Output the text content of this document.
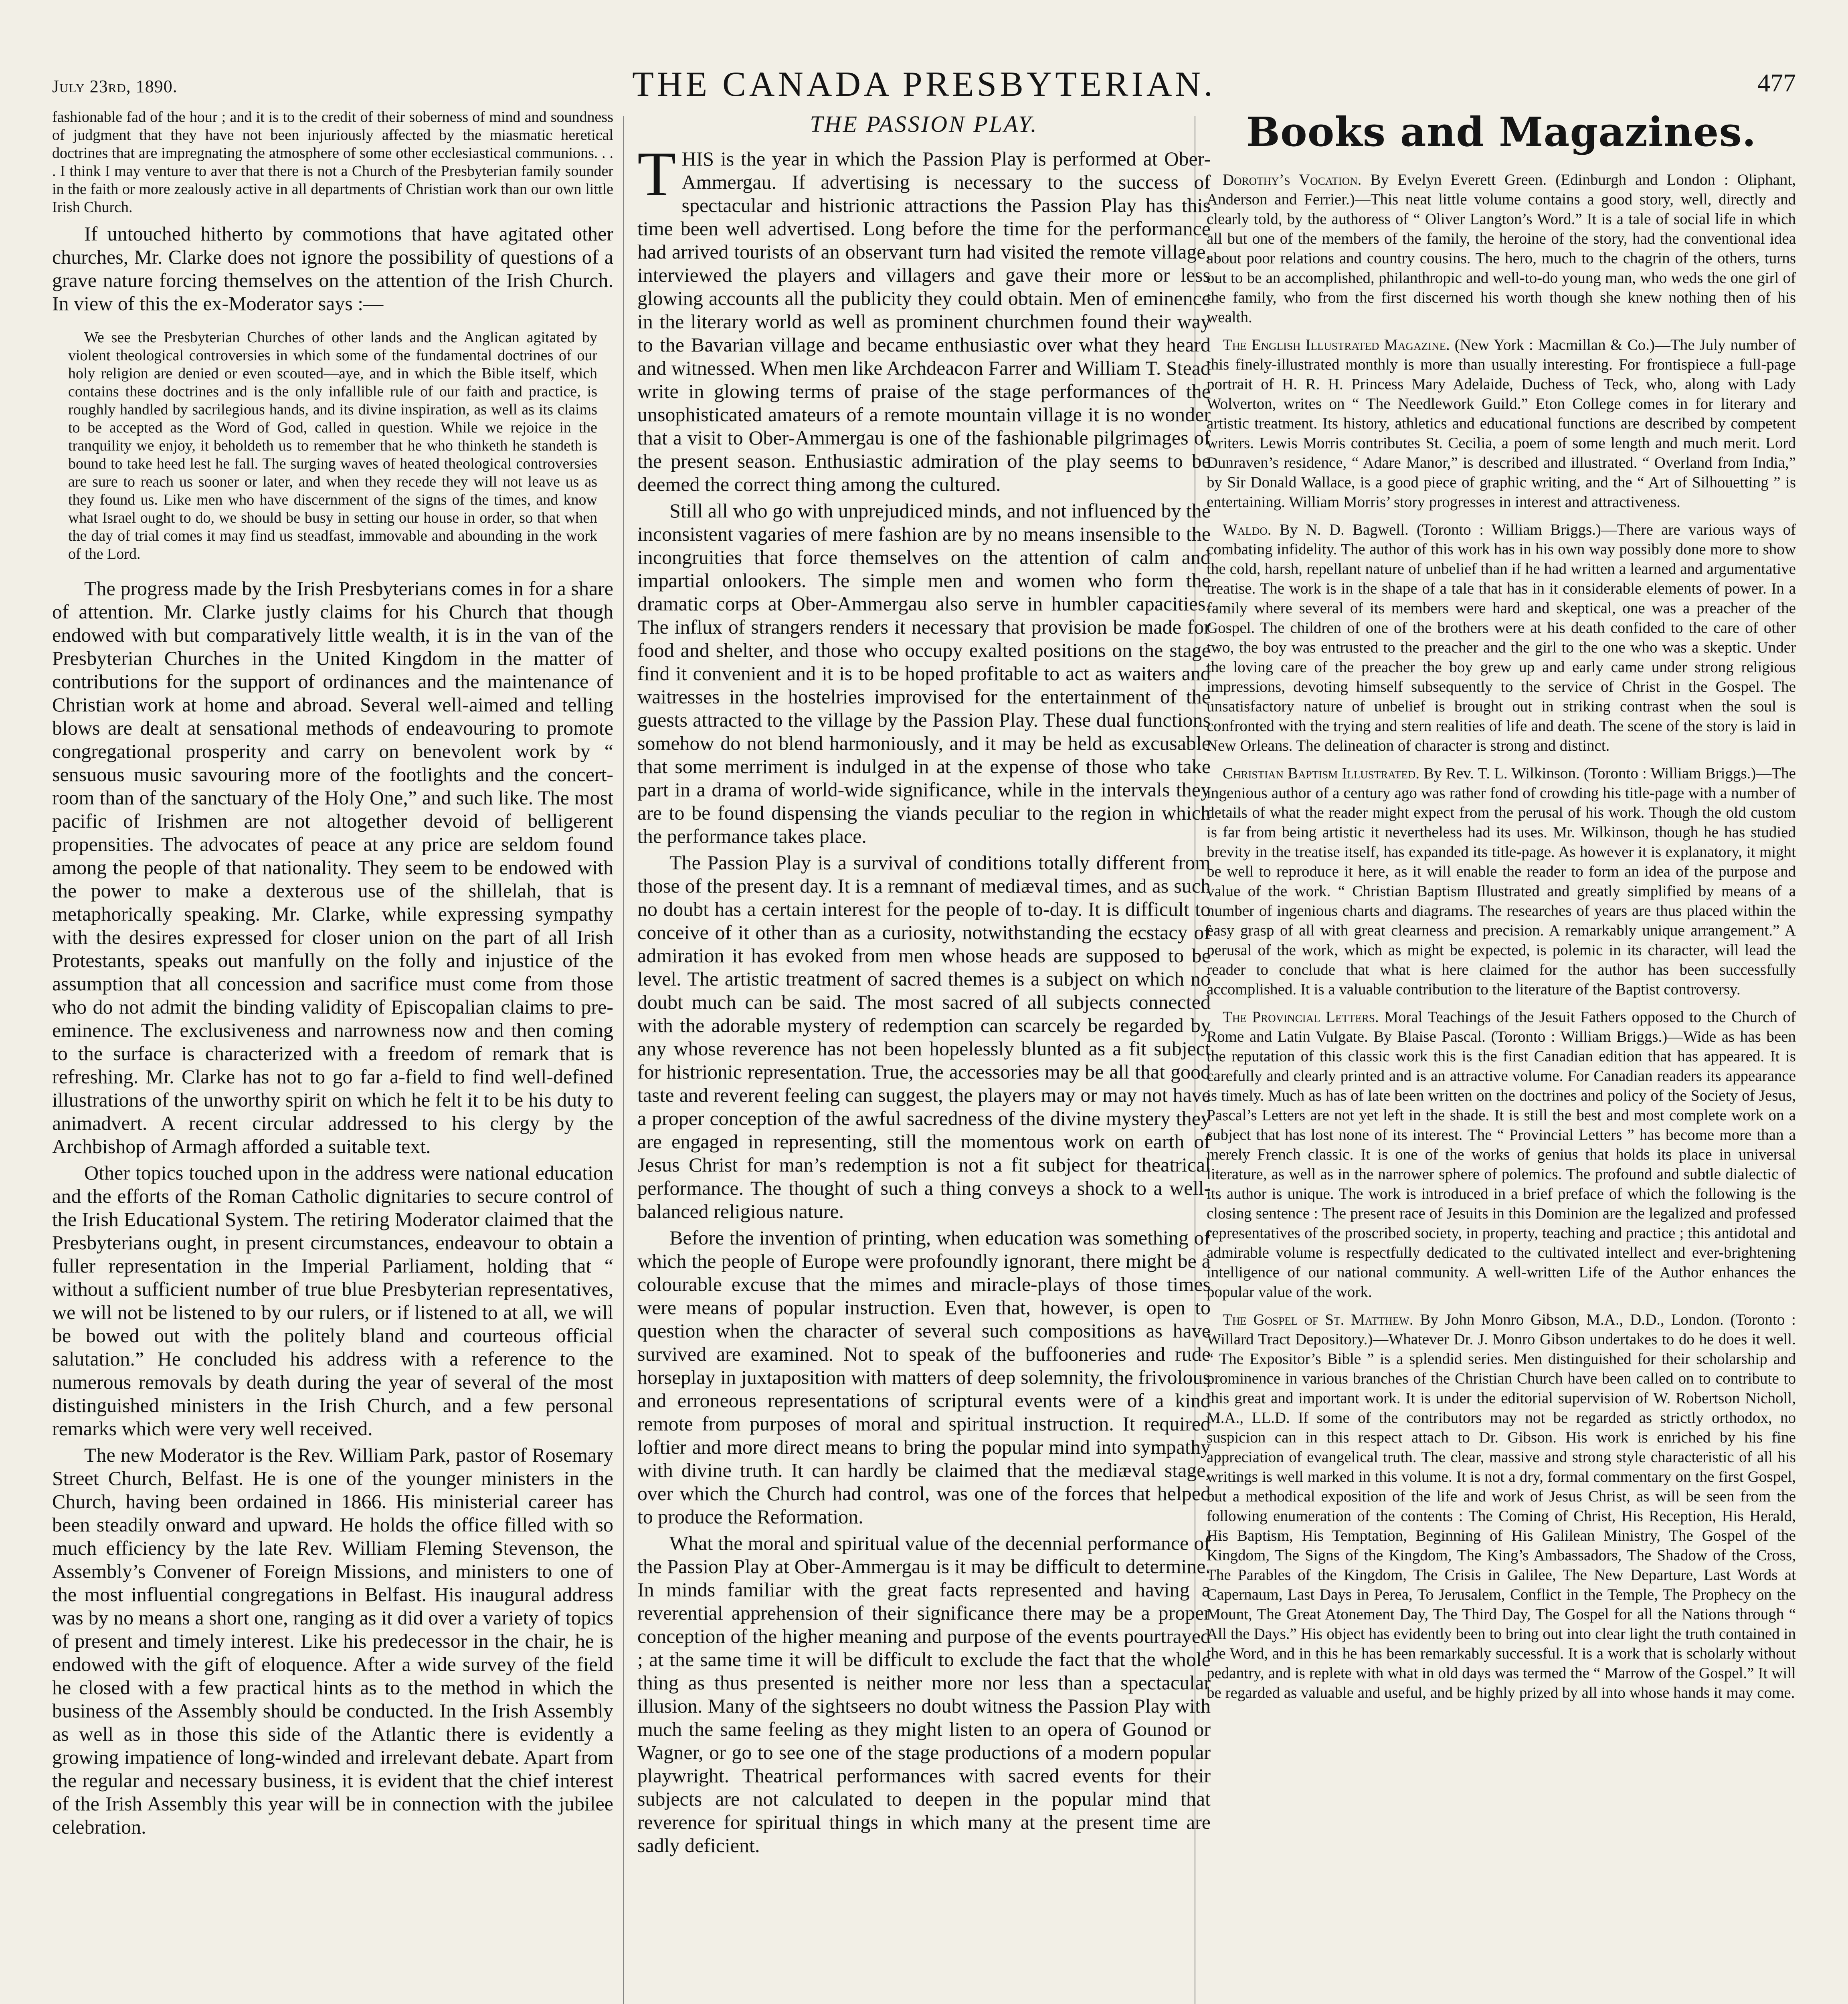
July 23rd, 1890.	THE CANADA PRESBYTERIAN.	477

fashionable fad of the hour ; and it is to the credit of their soberness of mind and soundness of judgment that they have not been injuriously affected by the miasmatic heretical doctrines that are impregnating the atmosphere of some other ecclesiastical communions. . . . I think I may venture to aver that there is not a Church of the Presbyterian family sounder in the faith or more zealously active in all departments of Christian work than our own little Irish Church.

If untouched hitherto by commotions that have agitated other churches, Mr. Clarke does not ignore the possibility of questions of a grave nature forcing themselves on the attention of the Irish Church. In view of this the ex-Moderator says :—

We see the Presbyterian Churches of other lands and the Anglican agitated by violent theological controversies in which some of the fundamental doctrines of our holy religion are denied or even scouted—aye, and in which the Bible itself, which contains these doctrines and is the only infallible rule of our faith and practice, is roughly handled by sacrilegious hands, and its divine inspiration, as well as its claims to be accepted as the Word of God, called in question. While we rejoice in the tranquility we enjoy, it beholdeth us to remember that he who thinketh he standeth is bound to take heed lest he fall. The surging waves of heated theological controversies are sure to reach us sooner or later, and when they recede they will not leave us as they found us. Like men who have discernment of the signs of the times, and know what Israel ought to do, we should be busy in setting our house in order, so that when the day of trial comes it may find us steadfast, immovable and abounding in the work of the Lord.

The progress made by the Irish Presbyterians comes in for a share of attention. Mr. Clarke justly claims for his Church that though endowed with but comparatively little wealth, it is in the van of the Presbyterian Churches in the United Kingdom in the matter of contributions for the support of ordinances and the maintenance of Christian work at home and abroad. Several well-aimed and telling blows are dealt at sensational methods of endeavouring to promote congregational prosperity and carry on benevolent work by “ sensuous music savouring more of the footlights and the concert-room than of the sanctuary of the Holy One,” and such like. The most pacific of Irishmen are not altogether devoid of belligerent propensities. The advocates of peace at any price are seldom found among the people of that nationality. They seem to be endowed with the power to make a dexterous use of the shillelah, that is metaphorically speaking. Mr. Clarke, while expressing sympathy with the desires expressed for closer union on the part of all Irish Protestants, speaks out manfully on the folly and injustice of the assumption that all concession and sacrifice must come from those who do not admit the binding validity of Episcopalian claims to pre-eminence. The exclusiveness and narrowness now and then coming to the surface is characterized with a freedom of remark that is refreshing. Mr. Clarke has not to go far a-field to find well-defined illustrations of the unworthy spirit on which he felt it to be his duty to animadvert. A recent circular addressed to his clergy by the Archbishop of Armagh afforded a suitable text.

Other topics touched upon in the address were national education and the efforts of the Roman Catholic dignitaries to secure control of the Irish Educational System. The retiring Moderator claimed that the Presbyterians ought, in present circumstances, endeavour to obtain a fuller representation in the Imperial Parliament, holding that “ without a sufficient number of true blue Presbyterian representatives, we will not be listened to by our rulers, or if listened to at all, we will be bowed out with the politely bland and courteous official salutation.” He concluded his address with a reference to the numerous removals by death during the year of several of the most distinguished ministers in the Irish Church, and a few personal remarks which were very well received.

The new Moderator is the Rev. William Park, pastor of Rosemary Street Church, Belfast. He is one of the younger ministers in the Church, having been ordained in 1866. His ministerial career has been steadily onward and upward. He holds the office filled with so much efficiency by the late Rev. William Fleming Stevenson, the Assembly’s Convener of Foreign Missions, and ministers to one of the most influential congregations in Belfast. His inaugural address was by no means a short one, ranging as it did over a variety of topics of present and timely interest. Like his predecessor in the chair, he is endowed with the gift of eloquence. After a wide survey of the field he closed with a few practical hints as to the method in which the business of the Assembly should be conducted. In the Irish Assembly as well as in those this side of the Atlantic there is evidently a growing impatience of long-winded and irrelevant debate. Apart from the regular and necessary business, it is evident that the chief interest of the Irish Assembly this year will be in connection with the jubilee celebration.

THE PASSION PLAY.

THIS is the year in which the Passion Play is performed at Ober-Ammergau. If advertising is necessary to the success of spectacular and histrionic attractions the Passion Play has this time been well advertised. Long before the time for the performance had arrived tourists of an observant turn had visited the remote village, interviewed the players and villagers and gave their more or less glowing accounts all the publicity they could obtain. Men of eminence in the literary world as well as prominent churchmen found their way to the Bavarian village and became enthusiastic over what they heard and witnessed. When men like Archdeacon Farrer and William T. Stead write in glowing terms of praise of the stage performances of the unsophisticated amateurs of a remote mountain village it is no wonder that a visit to Ober-Ammergau is one of the fashionable pilgrimages of the present season. Enthusiastic admiration of the play seems to be deemed the correct thing among the cultured.

Still all who go with unprejudiced minds, and not influenced by the inconsistent vagaries of mere fashion are by no means insensible to the incongruities that force themselves on the attention of calm and impartial onlookers. The simple men and women who form the dramatic corps at Ober-Ammergau also serve in humbler capacities. The influx of strangers renders it necessary that provision be made for food and shelter, and those who occupy exalted positions on the stage find it convenient and it is to be hoped profitable to act as waiters and waitresses in the hostelries improvised for the entertainment of the guests attracted to the village by the Passion Play. These dual functions somehow do not blend harmoniously, and it may be held as excusable that some merriment is indulged in at the expense of those who take part in a drama of world-wide significance, while in the intervals they are to be found dispensing the viands peculiar to the region in which the performance takes place.

The Passion Play is a survival of conditions totally different from those of the present day. It is a remnant of mediæval times, and as such no doubt has a certain interest for the people of to-day. It is difficult to conceive of it other than as a curiosity, notwithstanding the ecstacy of admiration it has evoked from men whose heads are supposed to be level. The artistic treatment of sacred themes is a subject on which no doubt much can be said. The most sacred of all subjects connected with the adorable mystery of redemption can scarcely be regarded by any whose reverence has not been hopelessly blunted as a fit subject for histrionic representation. True, the accessories may be all that good taste and reverent feeling can suggest, the players may or may not have a proper conception of the awful sacredness of the divine mystery they are engaged in representing, still the momentous work on earth of Jesus Christ for man’s redemption is not a fit subject for theatrical performance. The thought of such a thing conveys a shock to a well-balanced religious nature.

Before the invention of printing, when education was something of which the people of Europe were profoundly ignorant, there might be a colourable excuse that the mimes and miracle-plays of those times were means of popular instruction. Even that, however, is open to question when the character of several such compositions as have survived are examined. Not to speak of the buffooneries and rude horseplay in juxtaposition with matters of deep solemnity, the frivolous and erroneous representations of scriptural events were of a kind remote from purposes of moral and spiritual instruction. It required loftier and more direct means to bring the popular mind into sympathy with divine truth. It can hardly be claimed that the mediæval stage, over which the Church had control, was one of the forces that helped to produce the Reformation.

What the moral and spiritual value of the decennial performance of the Passion Play at Ober-Ammergau is it may be difficult to determine. In minds familiar with the great facts represented and having a reverential apprehension of their significance there may be a proper conception of the higher meaning and purpose of the events pourtrayed ; at the same time it will be difficult to exclude the fact that the whole thing as thus presented is neither more nor less than a spectacular illusion. Many of the sightseers no doubt witness the Passion Play with much the same feeling as they might listen to an opera of Gounod or Wagner, or go to see one of the stage productions of a modern popular playwright. Theatrical performances with sacred events for their subjects are not calculated to deepen in the popular mind that reverence for spiritual things in which many at the present time are sadly deficient.

Books and Magazines.

Dorothy’s Vocation. By Evelyn Everett Green. (Edinburgh and London : Oliphant, Anderson and Ferrier.)—This neat little volume contains a good story, well, directly and clearly told, by the authoress of “ Oliver Langton’s Word.” It is a tale of social life in which all but one of the members of the family, the heroine of the story, had the conventional idea about poor relations and country cousins. The hero, much to the chagrin of the others, turns out to be an accomplished, philanthropic and well-to-do young man, who weds the one girl of the family, who from the first discerned his worth though she knew nothing then of his wealth.

The English Illustrated Magazine. (New York : Macmillan & Co.)—The July number of this finely-illustrated monthly is more than usually interesting. For frontispiece a full-page portrait of H. R. H. Princess Mary Adelaide, Duchess of Teck, who, along with Lady Wolverton, writes on “ The Needlework Guild.” Eton College comes in for literary and artistic treatment. Its history, athletics and educational functions are described by competent writers. Lewis Morris contributes St. Cecilia, a poem of some length and much merit. Lord Dunraven’s residence, “ Adare Manor,” is described and illustrated. “ Overland from India,” by Sir Donald Wallace, is a good piece of graphic writing, and the “ Art of Silhouetting ” is entertaining. William Morris’ story progresses in interest and attractiveness.

Waldo. By N. D. Bagwell. (Toronto : William Briggs.)—There are various ways of combating infidelity. The author of this work has in his own way possibly done more to show the cold, harsh, repellant nature of unbelief than if he had written a learned and argumentative treatise. The work is in the shape of a tale that has in it considerable elements of power. In a family where several of its members were hard and skeptical, one was a preacher of the Gospel. The children of one of the brothers were at his death confided to the care of other two, the boy was entrusted to the preacher and the girl to the one who was a skeptic. Under the loving care of the preacher the boy grew up and early came under strong religious impressions, devoting himself subsequently to the service of Christ in the Gospel. The unsatisfactory nature of unbelief is brought out in striking contrast when the soul is confronted with the trying and stern realities of life and death. The scene of the story is laid in New Orleans. The delineation of character is strong and distinct.

Christian Baptism Illustrated. By Rev. T. L. Wilkinson. (Toronto : William Briggs.)—The ingenious author of a century ago was rather fond of crowding his title-page with a number of details of what the reader might expect from the perusal of his work. Though the old custom is far from being artistic it nevertheless had its uses. Mr. Wilkinson, though he has studied brevity in the treatise itself, has expanded its title-page. As however it is explanatory, it might be well to reproduce it here, as it will enable the reader to form an idea of the purpose and value of the work. “ Christian Baptism Illustrated and greatly simplified by means of a number of ingenious charts and diagrams. The researches of years are thus placed within the easy grasp of all with great clearness and precision. A remarkably unique arrangement.” A perusal of the work, which as might be expected, is polemic in its character, will lead the reader to conclude that what is here claimed for the author has been successfully accomplished. It is a valuable contribution to the literature of the Baptist controversy.

The Provincial Letters. Moral Teachings of the Jesuit Fathers opposed to the Church of Rome and Latin Vulgate. By Blaise Pascal. (Toronto : William Briggs.)—Wide as has been the reputation of this classic work this is the first Canadian edition that has appeared. It is carefully and clearly printed and is an attractive volume. For Canadian readers its appearance is timely. Much as has of late been written on the doctrines and policy of the Society of Jesus, Pascal’s Letters are not yet left in the shade. It is still the best and most complete work on a subject that has lost none of its interest. The “ Provincial Letters ” has become more than a merely French classic. It is one of the works of genius that holds its place in universal literature, as well as in the narrower sphere of polemics. The profound and subtle dialectic of its author is unique. The work is introduced in a brief preface of which the following is the closing sentence : The present race of Jesuits in this Dominion are the legalized and professed representatives of the proscribed society, in property, teaching and practice ; this antidotal and admirable volume is respectfully dedicated to the cultivated intellect and ever-brightening intelligence of our national community. A well-written Life of the Author enhances the popular value of the work.

The Gospel of St. Matthew. By John Monro Gibson, M.A., D.D., London. (Toronto : Willard Tract Depository.)—Whatever Dr. J. Monro Gibson undertakes to do he does it well. “ The Expositor’s Bible ” is a splendid series. Men distinguished for their scholarship and prominence in various branches of the Christian Church have been called on to contribute to this great and important work. It is under the editorial supervision of W. Robertson Nicholl, M.A., LL.D. If some of the contributors may not be regarded as strictly orthodox, no suspicion can in this respect attach to Dr. Gibson. His work is enriched by his fine appreciation of evangelical truth. The clear, massive and strong style characteristic of all his writings is well marked in this volume. It is not a dry, formal commentary on the first Gospel, but a methodical exposition of the life and work of Jesus Christ, as will be seen from the following enumeration of the contents : The Coming of Christ, His Reception, His Herald, His Baptism, His Temptation, Beginning of His Galilean Ministry, The Gospel of the Kingdom, The Signs of the Kingdom, The King’s Ambassadors, The Shadow of the Cross, The Parables of the Kingdom, The Crisis in Galilee, The New Departure, Last Words at Capernaum, Last Days in Perea, To Jerusalem, Conflict in the Temple, The Prophecy on the Mount, The Great Atonement Day, The Third Day, The Gospel for all the Nations through “ All the Days.” His object has evidently been to bring out into clear light the truth contained in the Word, and in this he has been remarkably successful. It is a work that is scholarly without pedantry, and is replete with what in old days was termed the “ Marrow of the Gospel.” It will be regarded as valuable and useful, and be highly prized by all into whose hands it may come.
